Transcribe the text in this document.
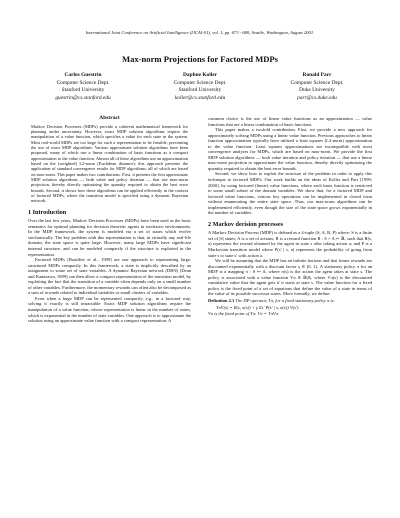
International Joint Conference on Artificial Intelligence (IJCAI-01), vol. 1, pp. 673 - 680, Seattle, Washington, August 2001.
Max-norm Projections for Factored MDPs
Carlos Guestrin
Computer Science Dept.
Stanford University
guestrin@cs.stanford.edu
Daphne Koller
Computer Science Dept.
Stanford University
koller@cs.stanford.edu
Ronald Parr
Computer Science Dept.
Duke University
parr@cs.duke.edu
Abstract

Markov Decision Processes (MDPs) provide a coherent mathematical framework for planning under uncertainty. However, exact MDP solution algorithms require the manipulation of a value function, which specifies a value for each state in the system. Most real-world MDPs are too large for such a representation to be feasible, preventing the use of exact MDP algorithms. Various approximate solution algorithms have been proposed, many of which use a linear combination of basis functions as a compact approximation to the value function. Almost all of these algorithms use an approximation based on the (weighted) L2-norm (Euclidean distance); this approach prevents the application of standard convergence results for MDP algorithms, all of which are based on max-norm. This paper makes two contributions. First, it presents the first approximate MDP solution algorithms — both value and policy iteration — that use max-norm projection, thereby directly optimizing the quantity required to obtain the best error bounds. Second, it shows how these algorithms can be applied efficiently in the context of factored MDPs, where the transition model is specified using a dynamic Bayesian network.

1 Introduction

Over the last few years, Markov Decision Processes (MDPs) have been used as the basic semantics for optimal planning for decision theoretic agents in stochastic environments. In the MDP framework, the system is modeled via a set of states which evolve stochastically. The key problem with this representation is that, in virtually any real-life domain, the state space is quite large. However, many large MDPs have significant internal structure, and can be modeled compactly if the structure is exploited in the representation.

Factored MDPs [Boutilier et al., 1999] are one approach to representing large, structured MDPs compactly. In this framework, a state is implicitly described by an assignment to some set of state variables. A dynamic Bayesian network (DBN) [Dean and Kanazawa, 1989] can then allow a compact representation of the transition model, by exploiting the fact that the transition of a variable often depends only on a small number of other variables. Furthermore, the momentary rewards can often also be decomposed as a sum of rewards related to individual variables or small clusters of variables.

Even when a large MDP can be represented compactly, e.g., in a factored way, solving it exactly is still intractable: Exact MDP solution algorithms require the manipulation of a value function, whose representation is linear in the number of states, which is exponential in the number of state variables. One approach is to approximate the solution using an approximate value function with a compact representation. A

common choice is the use of linear value functions as an approximation — value functions that are a linear combination of basis functions.

This paper makes a twofold contribution. First, we provide a new approach for approximately solving MDPs using a linear value function. Previous approaches to linear function approximation typically have utilized a least squares (L2-norm) approximation to the value function. Least squares approximations are incompatible with most convergence analyses for MDPs, which are based on max-norm. We provide the first MDP solution algorithms — both value iteration and policy iteration — that use a linear max-norm projection to approximate the value function, thereby directly optimizing the quantity required to obtain the best error bounds.

Second, we show how to exploit the structure of the problem in order to apply this technique to factored MDPs. Our work builds on the ideas of Koller and Parr [1999; 2000], by using factored (linear) value functions, where each basis function is restricted to some small subset of the domain variables. We show that, for a factored MDP and factored value functions, various key operations can be implemented in closed form without enumerating the entire state space. Thus, our max-norm algorithms can be implemented efficiently, even though the size of the state space grows exponentially in the number of variables.

2 Markov decision processes

A Markov Decision Process (MDP) is defined as a 4-tuple (S, A, R, P) where: S is a finite set of |S| states; A is a set of actions; R is a reward function R : S × A ↦ ℝ, such that R(s, a) represents the reward obtained by the agent in state s after taking action a; and P is a Markovian transition model where P(s′ | s, a) represents the probability of going from state s to state s′ with action a.

We will be assuming that the MDP has an infinite horizon and that future rewards are discounted exponentially with a discount factor γ ∈ [0, 1). A stationary policy π for an MDP is a mapping π : S ↦ A, where π(s) is the action the agent takes at state s. The policy is associated with a value function Vπ ∈ ℝ|S|, where Vπ(s) is the discounted cumulative value that the agent gets if it starts at state s. The value function for a fixed policy is the fixed point of a set of equations that define the value of a state in terms of the value of its possible successor states. More formally, we define:

Definition 2.1 The DP operator, Tπ, for a fixed stationary policy π is:
TπV(s) = R(s, π(s)) + γ Σs′ P(s′ | s, π(s)) V(s′).
Vπ is the fixed point of Tπ: Vπ = TπVπ.
